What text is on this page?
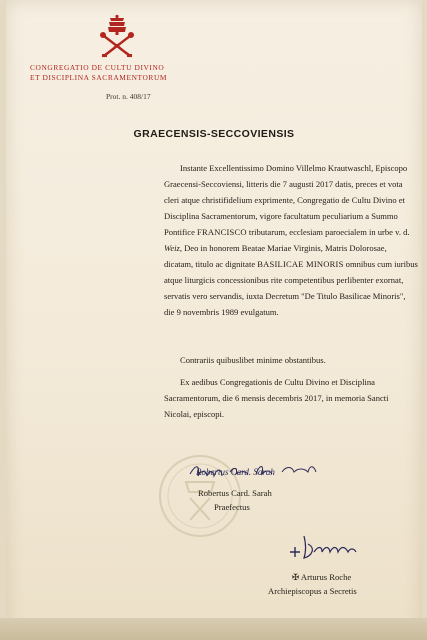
CONGREGATIO DE CULTU DIVINO
ET DISCIPLINA SACRAMENTORUM
Prot. n. 408/17
GRAECENSIS-SECCOVIENSIS
Instante Excellentissimo Domino Villelmo Krautwaschl, Episcopo
Graecensi-Seccoviensi, litteris die 7 augusti 2017 datis, preces et vota
cleri atque christifidelium exprimente, Congregatio de Cultu Divino et
Disciplina Sacramentorum, vigore facultatum peculiarium a Summo
Pontifice FRANCISCO tributarum, ecclesiam paroecialem in urbe v. d.
Weiz, Deo in honorem Beatae Mariae Virginis, Matris Dolorosae,
dicatam, titulo ac dignitate BASILICAE MINORIS omnibus cum iuribus
atque liturgicis concessionibus rite competentibus perlibenter exornat,
servatis vero servandis, iuxta Decretum "De Titulo Basilicae Minoris",
die 9 novembris 1989 evulgatum.
Contrariis quibuslibet minime obstantibus.
Ex aedibus Congregationis de Cultu Divino et Disciplina
Sacramentorum, die 6 mensis decembris 2017, in memoria Sancti
Nicolai, episcopi.
Robertus Card. Sarah
Robertus Card. Sarah
Praefectus
✠ Arturus Roche
Archiepiscopus a Secretis
